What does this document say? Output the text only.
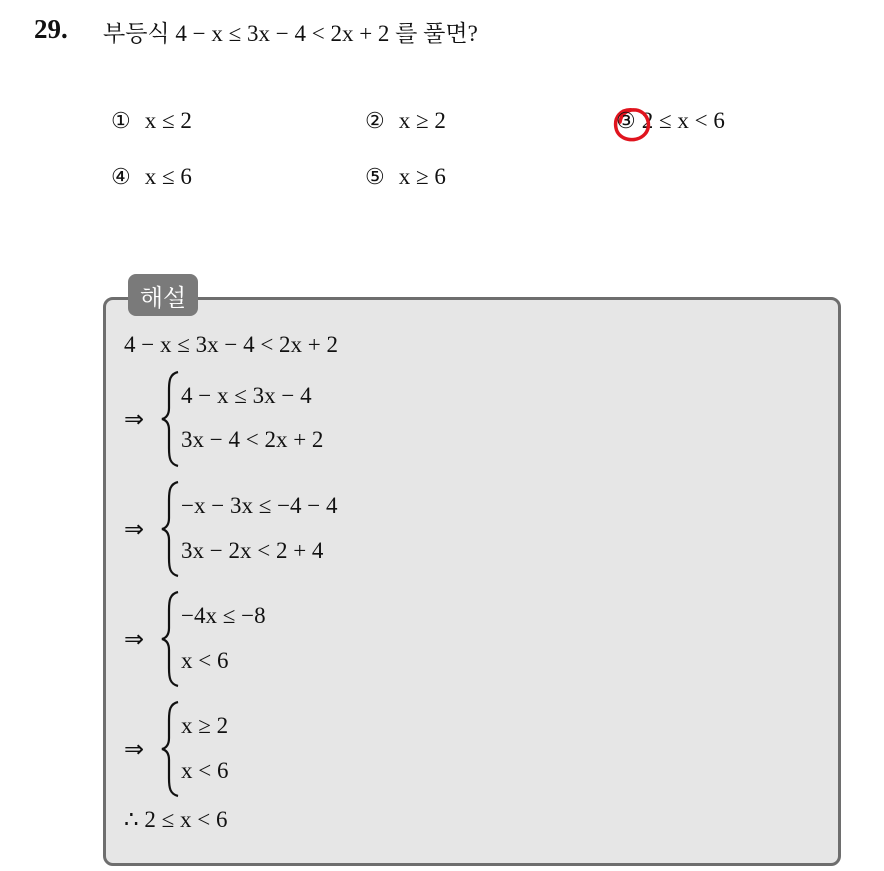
29. 부등식 4 − x ≤ 3x − 4 < 2x + 2 를 풀면?
① x ≤ 2	② x ≥ 2	③ 2 ≤ x < 6
④ x ≤ 6	⑤ x ≥ 6
해설
4 − x ≤ 3x − 4 < 2x + 2
⇒
4 − x ≤ 3x − 4
3x − 4 < 2x + 2
⇒
−x − 3x ≤ −4 − 4
3x − 2x < 2 + 4
⇒
−4x ≤ −8
x < 6
⇒
x ≥ 2
x < 6
∴ 2 ≤ x < 6
